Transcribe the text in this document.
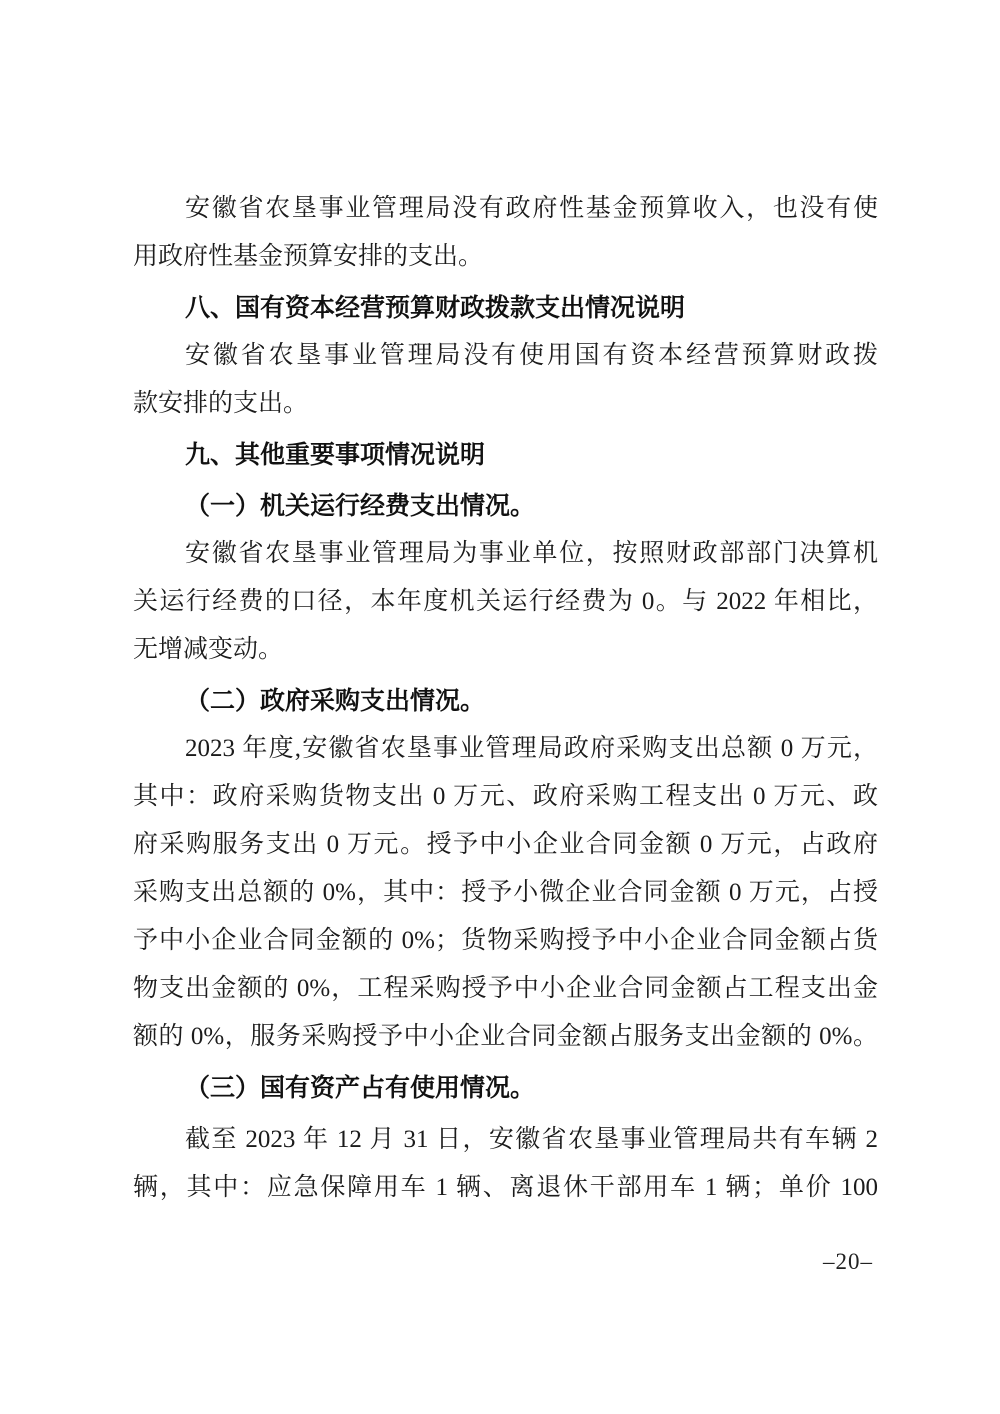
安徽省农垦事业管理局没有政府性基金预算收入，也没有使
用政府性基金预算安排的支出。

八、国有资本经营预算财政拨款支出情况说明

安徽省农垦事业管理局没有使用国有资本经营预算财政拨
款安排的支出。

九、其他重要事项情况说明
（一）机关运行经费支出情况。

安徽省农垦事业管理局为事业单位，按照财政部部门决算机
关运行经费的口径，本年度机关运行经费为 0。与 2022 年相比，
无增减变动。

（二）政府采购支出情况。

2023 年度,安徽省农垦事业管理局政府采购支出总额 0 万元，
其中：政府采购货物支出 0 万元、政府采购工程支出 0 万元、政
府采购服务支出 0 万元。授予中小企业合同金额 0 万元，占政府
采购支出总额的 0%，其中：授予小微企业合同金额 0 万元，占授
予中小企业合同金额的 0%；货物采购授予中小企业合同金额占货
物支出金额的 0%，工程采购授予中小企业合同金额占工程支出金
额的 0%，服务采购授予中小企业合同金额占服务支出金额的 0%。

（三）国有资产占有使用情况。

截至 2023 年 12 月 31 日，安徽省农垦事业管理局共有车辆 2
辆，其中：应急保障用车 1 辆、离退休干部用车 1 辆；单价 100

–20–
